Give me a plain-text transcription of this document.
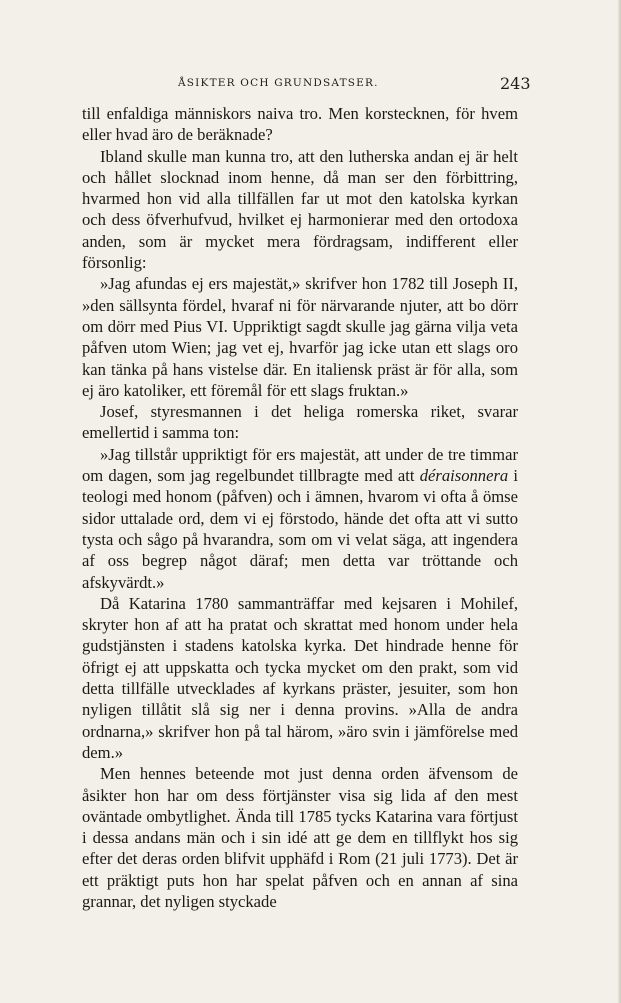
ÅSIKTER OCH GRUNDSATSER.	243

till enfaldiga människors naiva tro. Men korstecknen, för hvem eller hvad äro de beräknade?

Ibland skulle man kunna tro, att den lutherska andan ej är helt och hållet slocknad inom henne, då man ser den förbittring, hvarmed hon vid alla tillfällen far ut mot den katolska kyrkan och dess öfverhufvud, hvilket ej harmonierar med den ortodoxa anden, som är mycket mera fördragsam, indifferent eller försonlig:

»Jag afundas ej ers majestät,» skrifver hon 1782 till Joseph II, »den sällsynta fördel, hvaraf ni för närvarande njuter, att bo dörr om dörr med Pius VI. Uppriktigt sagdt skulle jag gärna vilja veta påfven utom Wien; jag vet ej, hvarför jag icke utan ett slags oro kan tänka på hans vistelse där. En italiensk präst är för alla, som ej äro katoliker, ett föremål för ett slags fruktan.»

Josef, styresmannen i det heliga romerska riket, svarar emellertid i samma ton:

»Jag tillstår uppriktigt för ers majestät, att under de tre timmar om dagen, som jag regelbundet tillbragte med att déraisonnera i teologi med honom (påfven) och i ämnen, hvarom vi ofta å ömse sidor uttalade ord, dem vi ej förstodo, hände det ofta att vi sutto tysta och sågo på hvarandra, som om vi velat säga, att ingendera af oss begrep något däraf; men detta var tröttande och afskyvärdt.»

Då Katarina 1780 sammanträffar med kejsaren i Mohilef, skryter hon af att ha pratat och skrattat med honom under hela gudstjänsten i stadens katolska kyrka. Det hindrade henne för öfrigt ej att uppskatta och tycka mycket om den prakt, som vid detta tillfälle utvecklades af kyrkans präster, jesuiter, som hon nyligen tillåtit slå sig ner i denna provins. »Alla de andra ordnarna,» skrifver hon på tal härom, »äro svin i jämförelse med dem.»

Men hennes beteende mot just denna orden äfvensom de åsikter hon har om dess förtjänster visa sig lida af den mest oväntade ombytlighet. Ända till 1785 tycks Katarina vara förtjust i dessa andans män och i sin idé att ge dem en tillflykt hos sig efter det deras orden blifvit upphäfd i Rom (21 juli 1773). Det är ett präktigt puts hon har spelat påfven och en annan af sina grannar, det nyligen styckade
